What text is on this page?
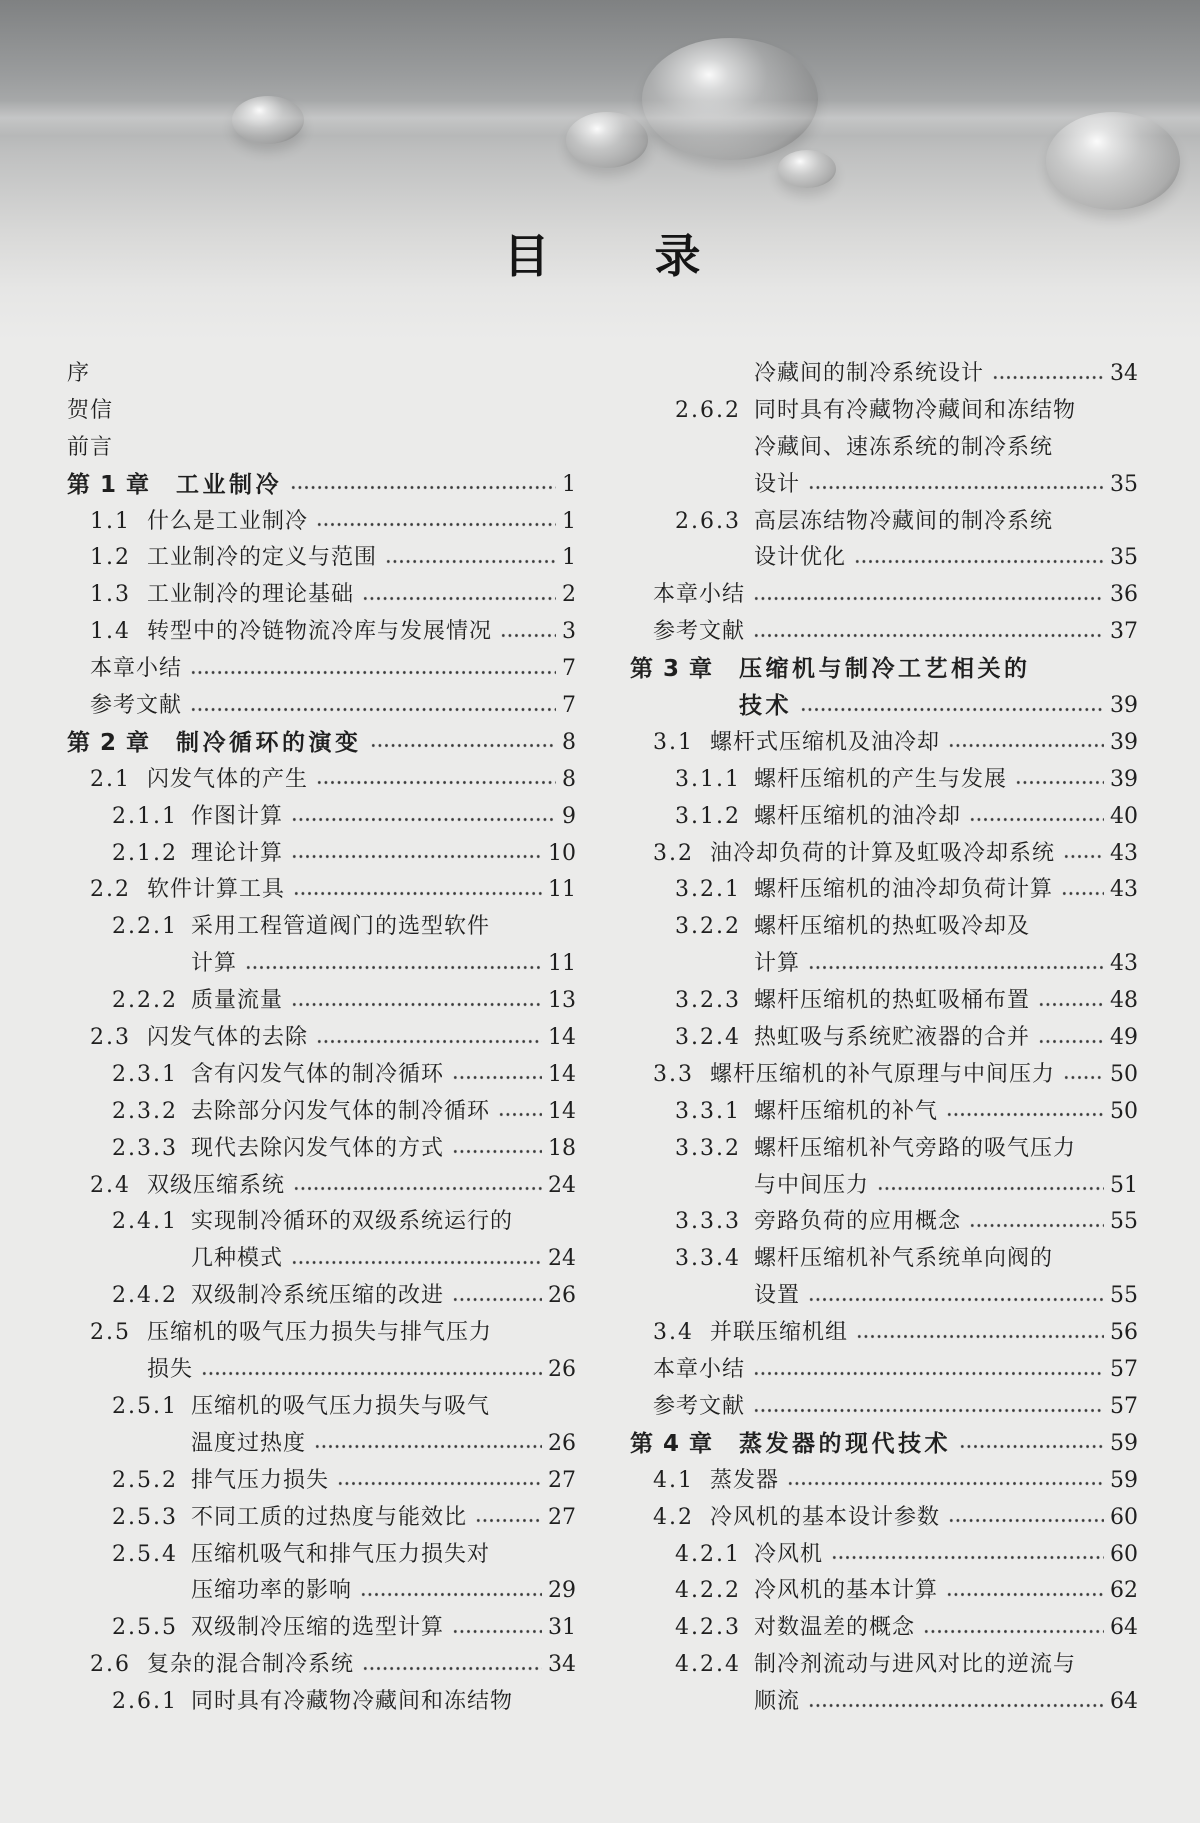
目录
序
贺信
前言
第 1 章 工业制冷	1
1.1 什么是工业制冷	1
1.2 工业制冷的定义与范围	1
1.3 工业制冷的理论基础	2
1.4 转型中的冷链物流冷库与发展情况	3
本章小结	7
参考文献	7
第 2 章 制冷循环的演变	8
2.1 闪发气体的产生	8
2.1.1 作图计算	9
2.1.2 理论计算	10
2.2 软件计算工具	11
2.2.1 采用工程管道阀门的选型软件
计算	11
2.2.2 质量流量	13
2.3 闪发气体的去除	14
2.3.1 含有闪发气体的制冷循环	14
2.3.2 去除部分闪发气体的制冷循环	14
2.3.3 现代去除闪发气体的方式	18
2.4 双级压缩系统	24
2.4.1 实现制冷循环的双级系统运行的
几种模式	24
2.4.2 双级制冷系统压缩的改进	26
2.5 压缩机的吸气压力损失与排气压力
损失	26
2.5.1 压缩机的吸气压力损失与吸气
温度过热度	26
2.5.2 排气压力损失	27
2.5.3 不同工质的过热度与能效比	27
2.5.4 压缩机吸气和排气压力损失对
压缩功率的影响	29
2.5.5 双级制冷压缩的选型计算	31
2.6 复杂的混合制冷系统	34
2.6.1 同时具有冷藏物冷藏间和冻结物
冷藏间的制冷系统设计	34
2.6.2 同时具有冷藏物冷藏间和冻结物
冷藏间、速冻系统的制冷系统
设计	35
2.6.3 高层冻结物冷藏间的制冷系统
设计优化	35
本章小结	36
参考文献	37
第 3 章 压缩机与制冷工艺相关的
技术	39
3.1 螺杆式压缩机及油冷却	39
3.1.1 螺杆压缩机的产生与发展	39
3.1.2 螺杆压缩机的油冷却	40
3.2 油冷却负荷的计算及虹吸冷却系统 43
3.2.1 螺杆压缩机的油冷却负荷计算	43
3.2.2 螺杆压缩机的热虹吸冷却及
计算	43
3.2.3 螺杆压缩机的热虹吸桶布置	48
3.2.4 热虹吸与系统贮液器的合并	49
3.3 螺杆压缩机的补气原理与中间压力 50
3.3.1 螺杆压缩机的补气	50
3.3.2 螺杆压缩机补气旁路的吸气压力
与中间压力	51
3.3.3 旁路负荷的应用概念	55
3.3.4 螺杆压缩机补气系统单向阀的
设置	55
3.4 并联压缩机组	56
本章小结	57
参考文献	57
第 4 章 蒸发器的现代技术	59
4.1 蒸发器	59
4.2 冷风机的基本设计参数	60
4.2.1 冷风机	60
4.2.2 冷风机的基本计算	62
4.2.3 对数温差的概念	64
4.2.4 制冷剂流动与进风对比的逆流与
顺流	64
